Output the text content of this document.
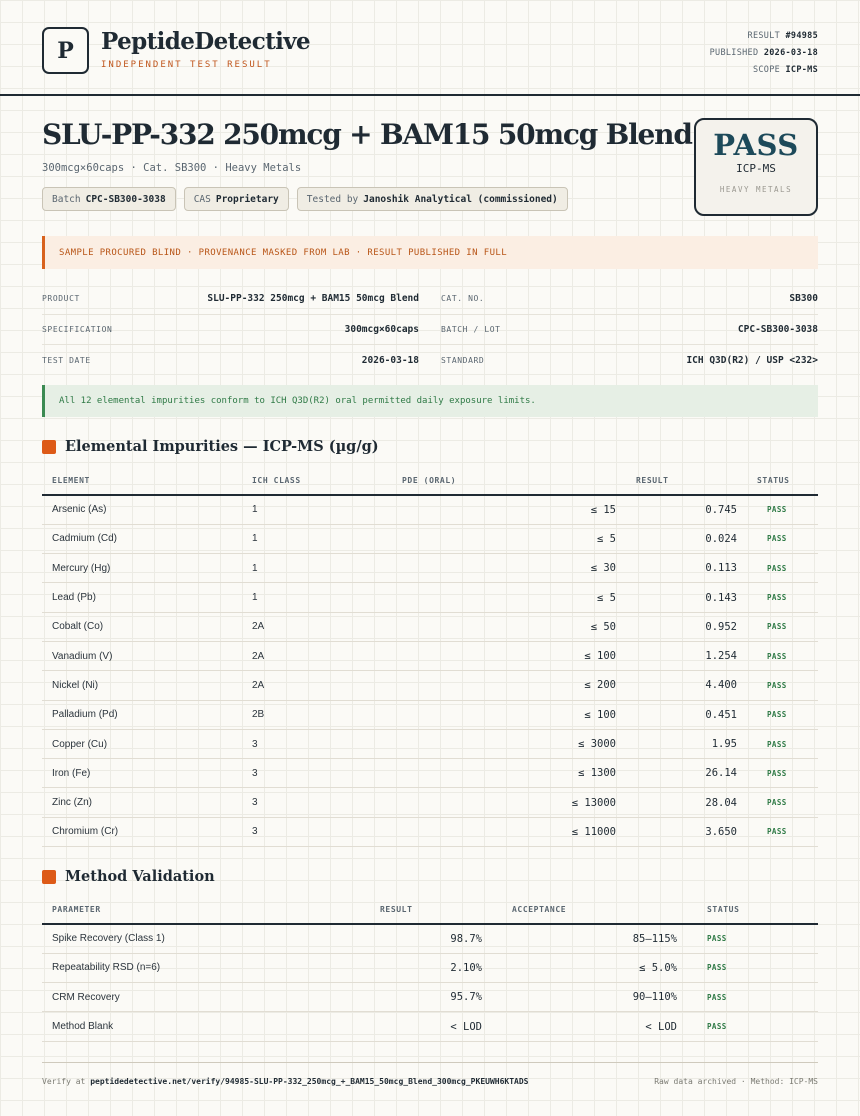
P PeptideDetective
INDEPENDENT TEST RESULT
RESULT #94985
PUBLISHED 2026-03-18
SCOPE ICP-MS
SLU-PP-332 250mcg + BAM15 50mcg Blend
300mcg×60caps · Cat. SB300 · Heavy Metals
Batch CPC-SB300-3038	CAS Proprietary	Tested by Janoshik Analytical (commissioned)
PASS
ICP-MS
HEAVY METALS
SAMPLE PROCURED BLIND · PROVENANCE MASKED FROM LAB · RESULT PUBLISHED IN FULL
PRODUCT	SLU-PP-332 250mcg + BAM15 50mcg Blend	CAT. NO.	SB300
SPECIFICATION	300mcg×60caps	BATCH / LOT	CPC-SB300-3038
TEST DATE	2026-03-18	STANDARD	ICH Q3D(R2) / USP <232>
All 12 elemental impurities conform to ICH Q3D(R2) oral permitted daily exposure limits.
Elemental Impurities — ICP-MS (µg/g)
ELEMENT	ICH CLASS	PDE (ORAL)	RESULT	STATUS
Arsenic (As)	1	≤ 15	0.745	PASS
Cadmium (Cd)	1	≤ 5	0.024	PASS
Mercury (Hg)	1	≤ 30	0.113	PASS
Lead (Pb)	1	≤ 5	0.143	PASS
Cobalt (Co)	2A	≤ 50	0.952	PASS
Vanadium (V)	2A	≤ 100	1.254	PASS
Nickel (Ni)	2A	≤ 200	4.400	PASS
Palladium (Pd)	2B	≤ 100	0.451	PASS
Copper (Cu)	3	≤ 3000	1.95	PASS
Iron (Fe)	3	≤ 1300	26.14	PASS
Zinc (Zn)	3	≤ 13000	28.04	PASS
Chromium (Cr)	3	≤ 11000	3.650	PASS
Method Validation
PARAMETER	RESULT	ACCEPTANCE	STATUS
Spike Recovery (Class 1)	98.7%	85–115%	PASS
Repeatability RSD (n=6)	2.10%	≤ 5.0%	PASS
CRM Recovery	95.7%	90–110%	PASS
Method Blank	< LOD	< LOD	PASS
Verify at peptidedetective.net/verify/94985-SLU-PP-332_250mcg_+_BAM15_50mcg_Blend_300mcg_PKEUWH6KTADS	Raw data archived · Method: ICP-MS
